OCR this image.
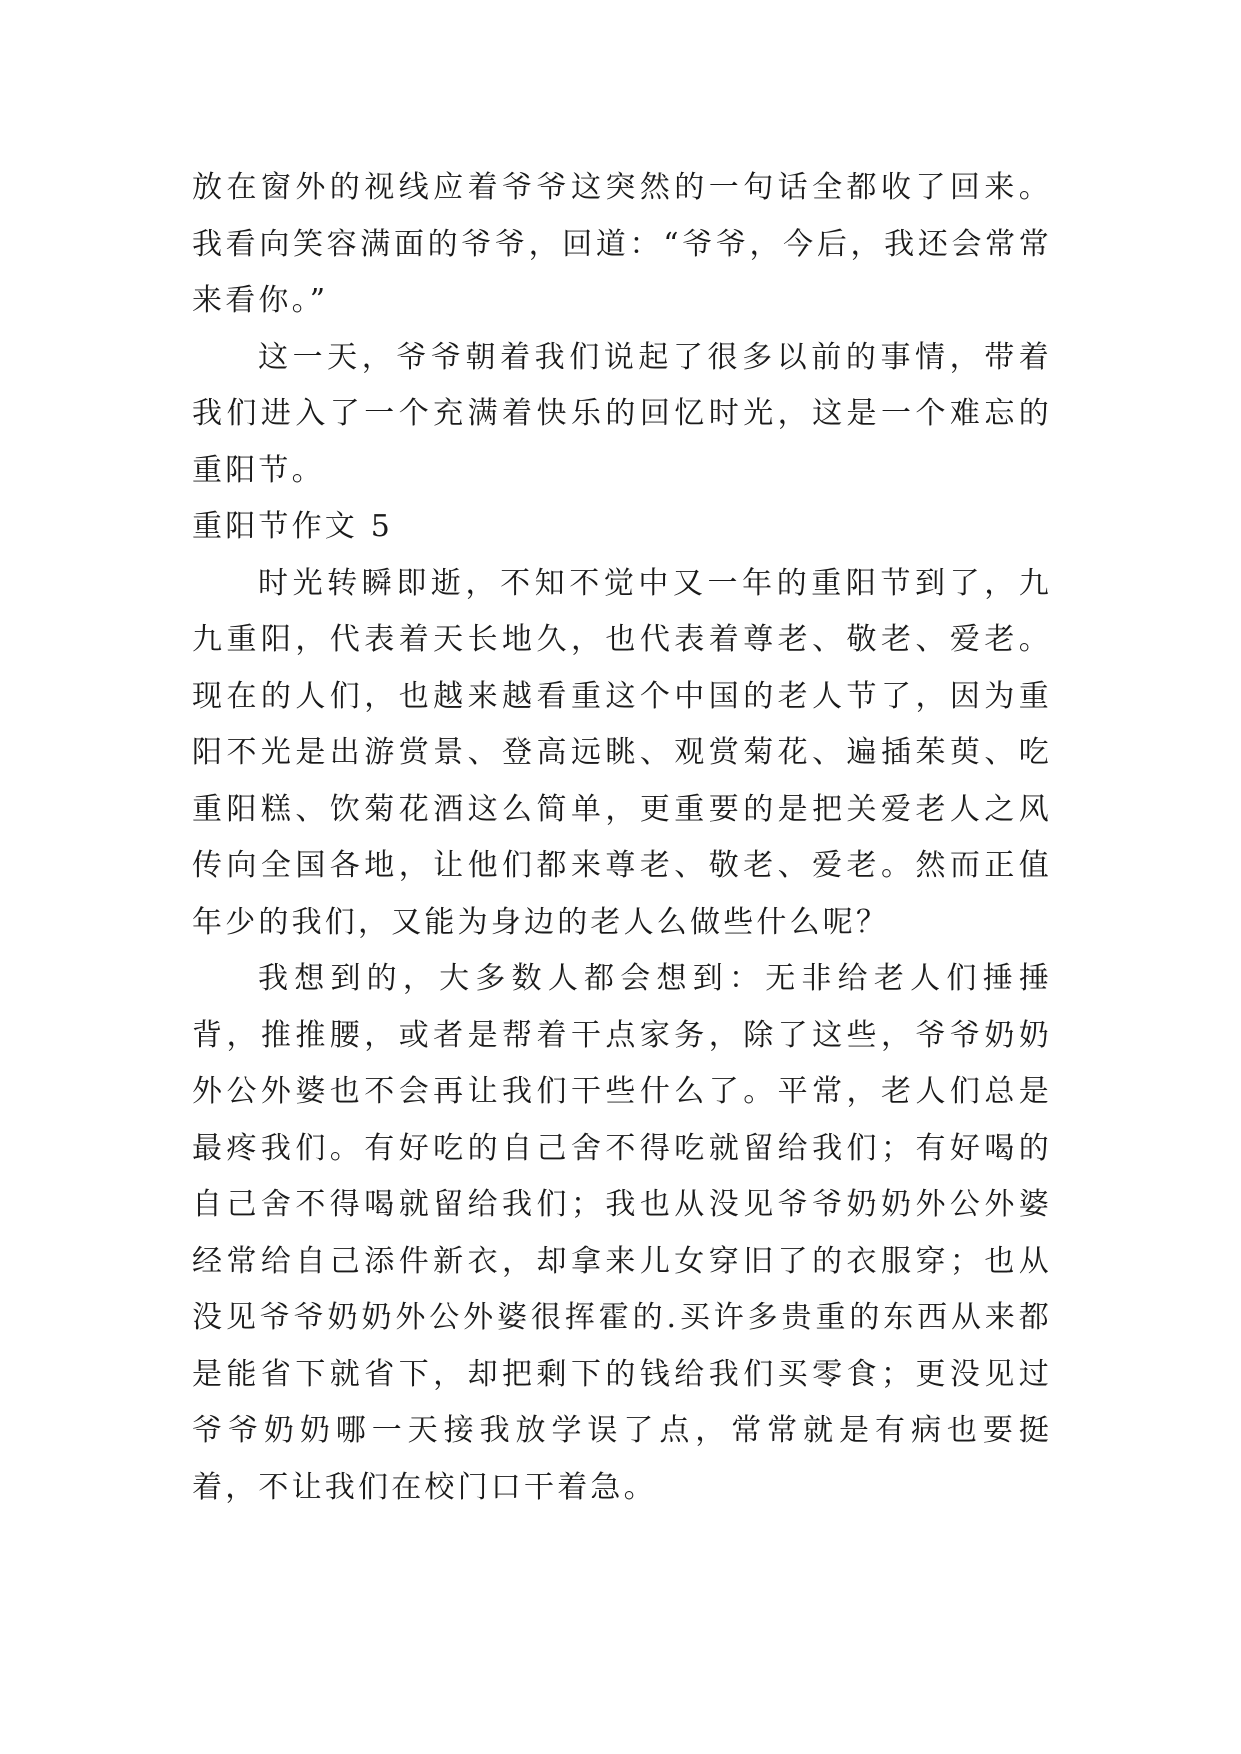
放在窗外的视线应着爷爷这突然的一句话全都收了回来。我看向笑容满面的爷爷，回道：“爷爷，今后，我还会常常来看你。”

这一天，爷爷朝着我们说起了很多以前的事情，带着我们进入了一个充满着快乐的回忆时光，这是一个难忘的重阳节。

重阳节作文 5

时光转瞬即逝，不知不觉中又一年的重阳节到了，九九重阳，代表着天长地久，也代表着尊老、敬老、爱老。现在的人们，也越来越看重这个中国的老人节了，因为重阳不光是出游赏景、登高远眺、观赏菊花、遍插茱萸、吃重阳糕、饮菊花酒这么简单，更重要的是把关爱老人之风传向全国各地，让他们都来尊老、敬老、爱老。然而正值年少的我们，又能为身边的老人么做些什么呢？

我想到的，大多数人都会想到：无非给老人们捶捶背，推推腰，或者是帮着干点家务，除了这些，爷爷奶奶外公外婆也不会再让我们干些什么了。平常，老人们总是最疼我们。有好吃的自己舍不得吃就留给我们；有好喝的自己舍不得喝就留给我们；我也从没见爷爷奶奶外公外婆经常给自己添件新衣，却拿来儿女穿旧了的衣服穿；也从没见爷爷奶奶外公外婆很挥霍的.买许多贵重的东西从来都是能省下就省下，却把剩下的钱给我们买零食；更没见过爷爷奶奶哪一天接我放学误了点，常常就是有病也要挺着，不让我们在校门口干着急。
